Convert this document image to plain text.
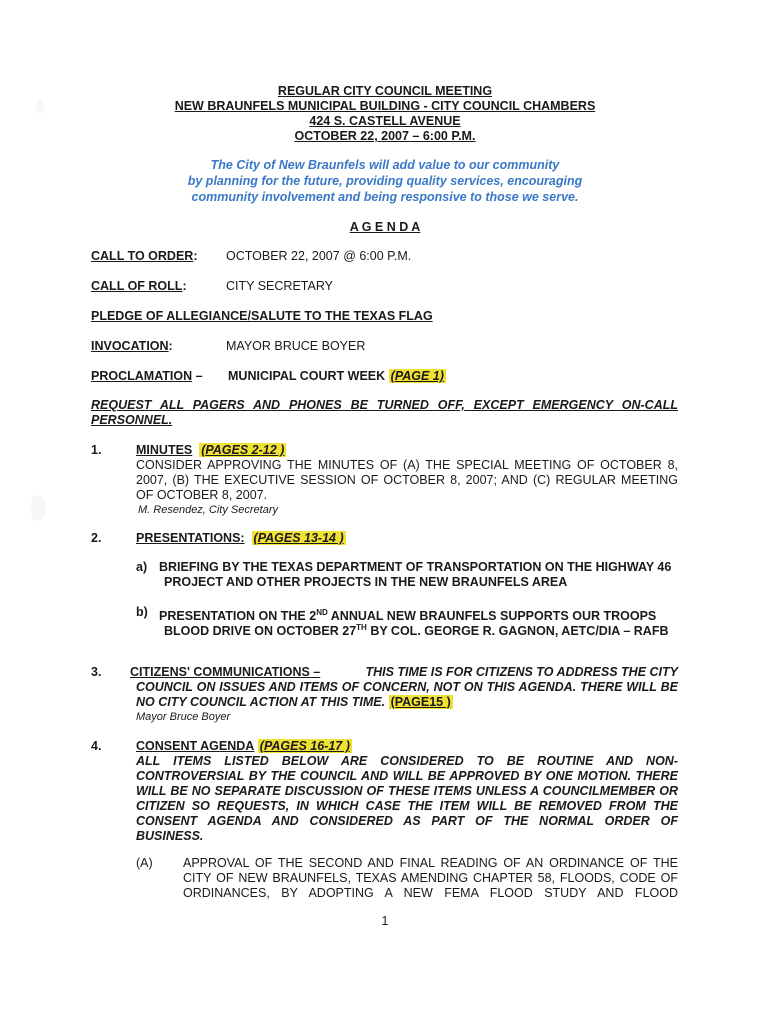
REGULAR CITY COUNCIL MEETING
NEW BRAUNFELS MUNICIPAL BUILDING - CITY COUNCIL CHAMBERS
424 S. CASTELL AVENUE
OCTOBER 22, 2007 – 6:00 P.M.
The City of New Braunfels will add value to our community
by planning for the future, providing quality services, encouraging
community involvement and being responsive to those we serve.
A G E N D A
CALL TO ORDER: OCTOBER 22, 2007 @ 6:00 P.M.
CALL OF ROLL:	CITY SECRETARY
PLEDGE OF ALLEGIANCE/SALUTE TO THE TEXAS FLAG
INVOCATION:	MAYOR BRUCE BOYER
PROCLAMATION – MUNICIPAL COURT WEEK (PAGE 1)
REQUEST ALL PAGERS AND PHONES BE TURNED OFF, EXCEPT EMERGENCY ON-CALL
PERSONNEL.
1.	MINUTES (PAGES 2-12 )
CONSIDER APPROVING THE MINUTES OF (A) THE SPECIAL MEETING OF OCTOBER 8,
2007, (B) THE EXECUTIVE SESSION OF OCTOBER 8, 2007; AND (C) REGULAR MEETING
OF OCTOBER 8, 2007.
M. Resendez, City Secretary
2.	PRESENTATIONS: (PAGES 13-14 )
a) BRIEFING BY THE TEXAS DEPARTMENT OF TRANSPORTATION ON THE HIGHWAY 46
PROJECT AND OTHER PROJECTS IN THE NEW BRAUNFELS AREA
b) PRESENTATION ON THE 2ND ANNUAL NEW BRAUNFELS SUPPORTS OUR TROOPS
BLOOD DRIVE ON OCTOBER 27TH BY COL. GEORGE R. GAGNON, AETC/DIA – RAFB
3. CITIZENS' COMMUNICATIONS –	THIS TIME IS FOR CITIZENS TO ADDRESS THE CITY
COUNCIL ON ISSUES AND ITEMS OF CONCERN, NOT ON THIS AGENDA. THERE WILL BE
NO CITY COUNCIL ACTION AT THIS TIME. (PAGE15 )
Mayor Bruce Boyer
4.	CONSENT AGENDA (PAGES 16-17 )
ALL ITEMS LISTED BELOW ARE CONSIDERED TO BE ROUTINE AND NON-
CONTROVERSIAL BY THE COUNCIL AND WILL BE APPROVED BY ONE MOTION. THERE
WILL BE NO SEPARATE DISCUSSION OF THESE ITEMS UNLESS A COUNCILMEMBER OR
CITIZEN SO REQUESTS, IN WHICH CASE THE ITEM WILL BE REMOVED FROM THE
CONSENT AGENDA AND CONSIDERED AS PART OF THE NORMAL ORDER OF
BUSINESS.
(A) APPROVAL OF THE SECOND AND FINAL READING OF AN ORDINANCE OF THE
CITY OF NEW BRAUNFELS, TEXAS AMENDING CHAPTER 58, FLOODS, CODE OF
ORDINANCES, BY ADOPTING A NEW FEMA FLOOD STUDY AND FLOOD
1
